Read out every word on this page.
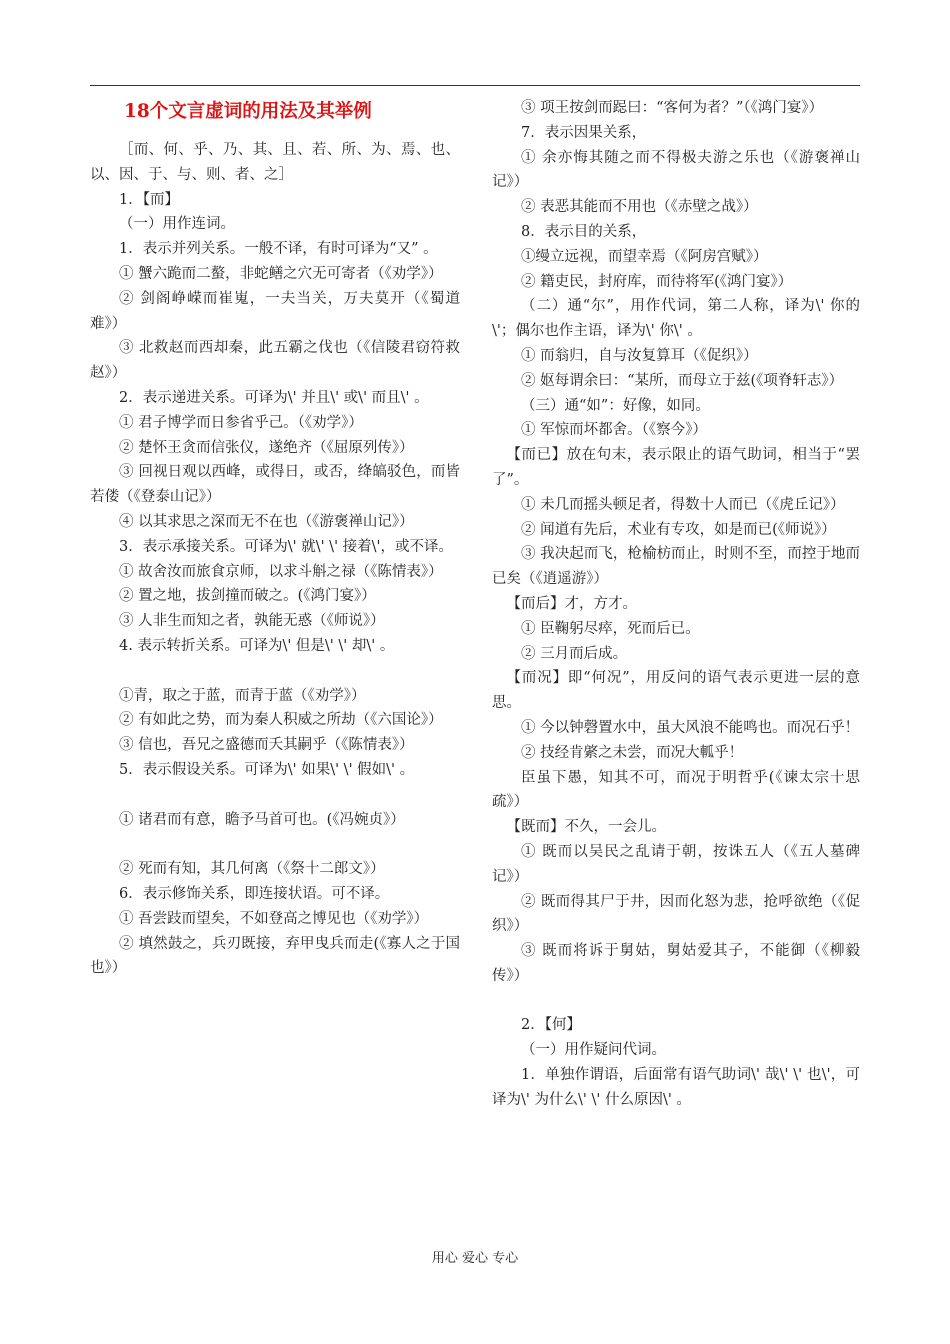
18个文言虚词的用法及其举例

［而、何、乎、乃、其、且、若、所、为、焉、也、以、因、于、与、则、者、之］

1．【而】

（一）用作连词。

1．表示并列关系。一般不译，有时可译为“又” 。

① 蟹六跪而二螯，非蛇鳝之穴无可寄者（《劝学》）

② 剑阁峥嵘而崔嵬，一夫当关，万夫莫开（《蜀道难》）

③ 北救赵而西却秦，此五霸之伐也（《信陵君窃符救赵》）

2．表示递进关系。可译为\' 并且\' 或\' 而且\' 。

① 君子博学而日参省乎己。（《劝学》）

② 楚怀王贪而信张仪，遂绝齐（《屈原列传》）

③ 回视日观以西峰，或得日，或否，绛皜驳色，而皆若偻（《登泰山记》）

④ 以其求思之深而无不在也（《游褒禅山记》）

3．表示承接关系。可译为\' 就\' \' 接着\'，或不译。

① 故舍汝而旅食京师，以求斗斛之禄（《陈情表》）

② 置之地，拔剑撞而破之。(《鸿门宴》）

③ 人非生而知之者，孰能无惑（《师说》）

4. 表示转折关系。可译为\' 但是\' \' 却\' 。

①青，取之于蓝，而青于蓝（《劝学》）

② 有如此之势，而为秦人积威之所劫（《六国论》）

③ 信也，吾兄之盛德而夭其嗣乎（《陈情表》）

5．表示假设关系。可译为\' 如果\' \' 假如\' 。

① 诸君而有意，瞻予马首可也。(《冯婉贞》）

② 死而有知，其几何离（《祭十二郎文》）

6．表示修饰关系，即连接状语。可不译。

① 吾尝跂而望矣，不如登高之博见也（《劝学》）

② 填然鼓之，兵刃既接，弃甲曳兵而走(《寡人之于国也》）

③ 项王按剑而跽曰：“客何为者？”（《鸿门宴》）

7．表示因果关系，

① 余亦悔其随之而不得极夫游之乐也（《游褒禅山记》）

② 表恶其能而不用也（《赤壁之战》）

8．表示目的关系，

①缦立远视，而望幸焉（《阿房宫赋》）

② 籍吏民，封府库，而待将军(《鸿门宴》）

（二）通“尔”，用作代词，第二人称，译为\' 你的\'；偶尔也作主语，译为\' 你\' 。

① 而翁归，自与汝复算耳（《促织》）

② 妪每谓余曰：“某所，而母立于兹(《项脊轩志》）

（三）通“如”：好像，如同。

① 军惊而坏都舍。（《察今》）

【而已】放在句末，表示限止的语气助词，相当于“罢了”。

① 未几而摇头顿足者，得数十人而已（《虎丘记》）

② 闻道有先后，术业有专攻，如是而已(《师说》）

③ 我决起而飞，枪榆枋而止，时则不至，而控于地而已矣（《逍遥游》）

【而后】才，方才。

① 臣鞠躬尽瘁，死而后已。

② 三月而后成。

【而况】即“何况”，用反问的语气表示更进一层的意思。

① 今以钟磬置水中，虽大风浪不能鸣也。而况石乎！

② 技经肯綮之未尝，而况大軱乎！

臣虽下愚，知其不可，而况于明哲乎(《谏太宗十思疏》）

【既而】不久，一会儿。

① 既而以吴民之乱请于朝，按诛五人（《五人墓碑记》）

② 既而得其尸于井，因而化怒为悲，抢呼欲绝（《促织》）

③ 既而将诉于舅姑，舅姑爱其子，不能御（《柳毅传》）

2．【何】

（一）用作疑问代词。

1．单独作谓语，后面常有语气助词\' 哉\' \' 也\'，可译为\' 为什么\' \' 什么原因\' 。

用心 爱心 专心
